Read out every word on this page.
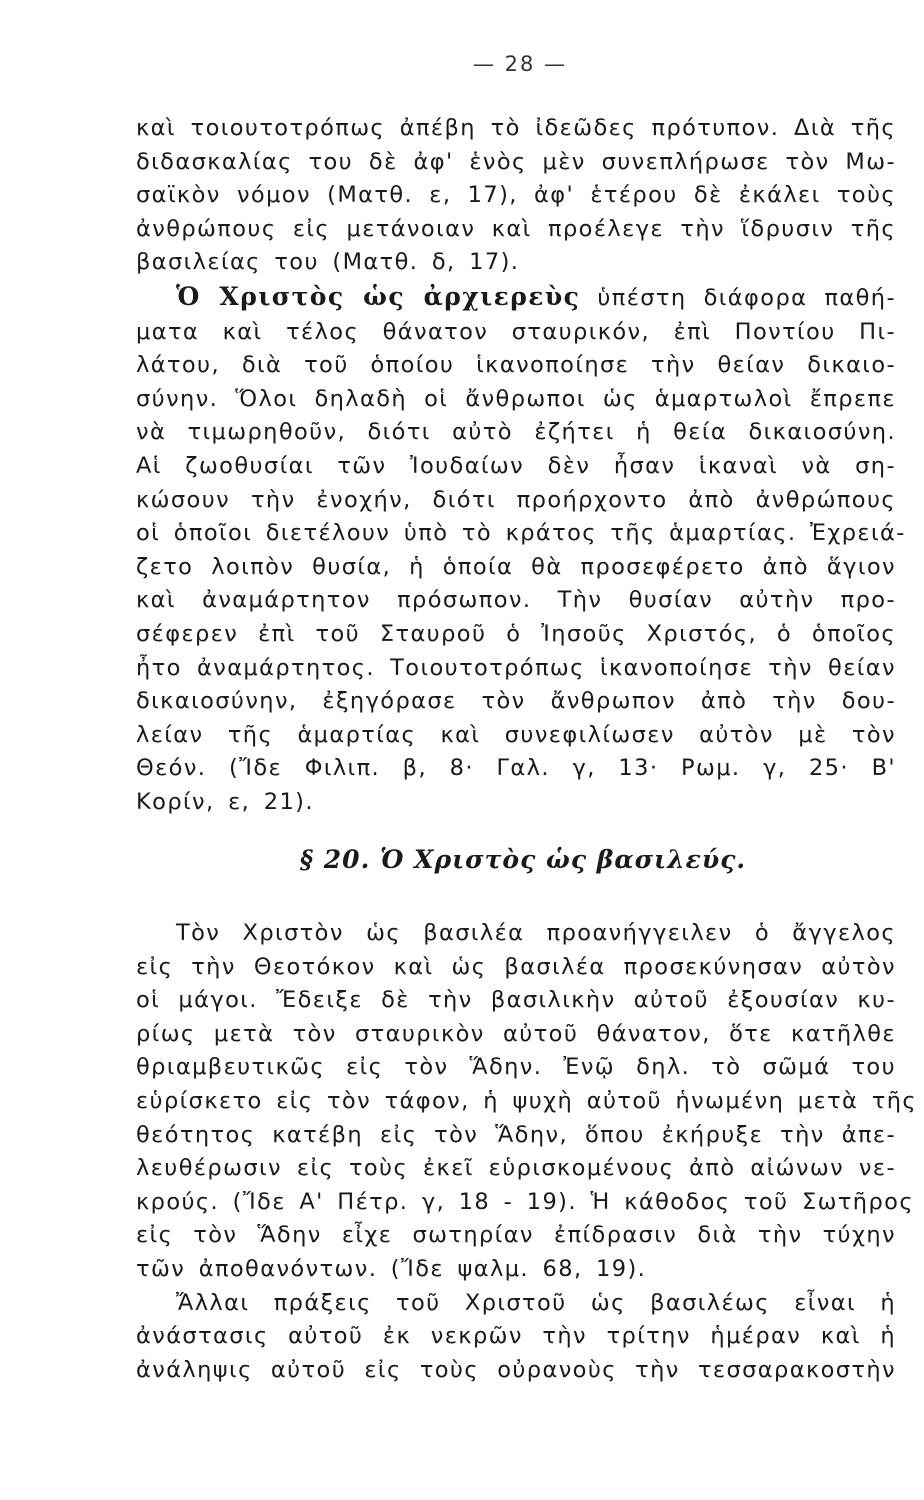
— 28 —
καὶ τοιουτοτρόπως ἀπέβη τὸ ἰδεῶδες πρότυπον. Διὰ τῆς
διδασκαλίας του δὲ ἀφ' ἑνὸς μὲν συνεπλήρωσε τὸν Μω-
σαϊκὸν νόμον (Ματθ. ε, 17), ἀφ' ἑτέρου δὲ ἐκάλει τοὺς
ἀνθρώπους εἰς μετάνοιαν καὶ προέλεγε τὴν ἵδρυσιν τῆς
βασιλείας του (Ματθ. δ, 17).
Ὁ Χριστὸς ὡς ἀρχιερεὺς ὑπέστη διάφορα παθή-
ματα καὶ τέλος θάνατον σταυρικόν, ἐπὶ Ποντίου Πι-
λάτου, διὰ τοῦ ὁποίου ἱκανοποίησε τὴν θείαν δικαιο-
σύνην. Ὅλοι δηλαδὴ οἱ ἄνθρωποι ὡς ἁμαρτωλοὶ ἔπρεπε
νὰ τιμωρηθοῦν, διότι αὐτὸ ἐζήτει ἡ θεία δικαιοσύνη.
Αἱ ζωοθυσίαι τῶν Ἰουδαίων δὲν ἦσαν ἱκαναὶ νὰ ση-
κώσουν τὴν ἐνοχήν, διότι προήρχοντο ἀπὸ ἀνθρώπους
οἱ ὁποῖοι διετέλουν ὑπὸ τὸ κράτος τῆς ἁμαρτίας. Ἐχρειά-
ζετο λοιπὸν θυσία, ἡ ὁποία θὰ προσεφέρετο ἀπὸ ἅγιον
καὶ ἀναμάρτητον πρόσωπον. Τὴν θυσίαν αὐτὴν προ-
σέφερεν ἐπὶ τοῦ Σταυροῦ ὁ Ἰησοῦς Χριστός, ὁ ὁποῖος
ἦτο ἀναμάρτητος. Τοιουτοτρόπως ἱκανοποίησε τὴν θείαν
δικαιοσύνην, ἐξηγόρασε τὸν ἄνθρωπον ἀπὸ τὴν δου-
λείαν τῆς ἁμαρτίας καὶ συνεφιλίωσεν αὐτὸν μὲ τὸν
Θεόν. (Ἴδε Φιλιπ. β, 8· Γαλ. γ, 13· Ρωμ. γ, 25· Β'
Κορίν, ε, 21).
§ 20. Ὁ Χριστὸς ὡς βασιλεύς.
Τὸν Χριστὸν ὡς βασιλέα προανήγγειλεν ὁ ἄγγελος
εἰς τὴν Θεοτόκον καὶ ὡς βασιλέα προσεκύνησαν αὐτὸν
οἱ μάγοι. Ἔδειξε δὲ τὴν βασιλικὴν αὐτοῦ ἐξουσίαν κυ-
ρίως μετὰ τὸν σταυρικὸν αὐτοῦ θάνατον, ὅτε κατῆλθε
θριαμβευτικῶς εἰς τὸν Ἅδην. Ἐνῷ δηλ. τὸ σῶμά του
εὑρίσκετο εἰς τὸν τάφον, ἡ ψυχὴ αὐτοῦ ἡνωμένη μετὰ τῆς
θεότητος κατέβη εἰς τὸν Ἅδην, ὅπου ἐκήρυξε τὴν ἀπε-
λευθέρωσιν εἰς τοὺς ἐκεῖ εὑρισκομένους ἀπὸ αἰώνων νε-
κρούς. (Ἴδε Α' Πέτρ. γ, 18 - 19). Ἡ κάθοδος τοῦ Σωτῆρος
εἰς τὸν Ἅδην εἶχε σωτηρίαν ἐπίδρασιν διὰ τὴν τύχην
τῶν ἀποθανόντων. (Ἴδε ψαλμ. 68, 19).
Ἄλλαι πράξεις τοῦ Χριστοῦ ὡς βασιλέως εἶναι ἡ
ἀνάστασις αὐτοῦ ἐκ νεκρῶν τὴν τρίτην ἡμέραν καὶ ἡ
ἀνάληψις αὐτοῦ εἰς τοὺς οὐρανοὺς τὴν τεσσαρακοστὴν
